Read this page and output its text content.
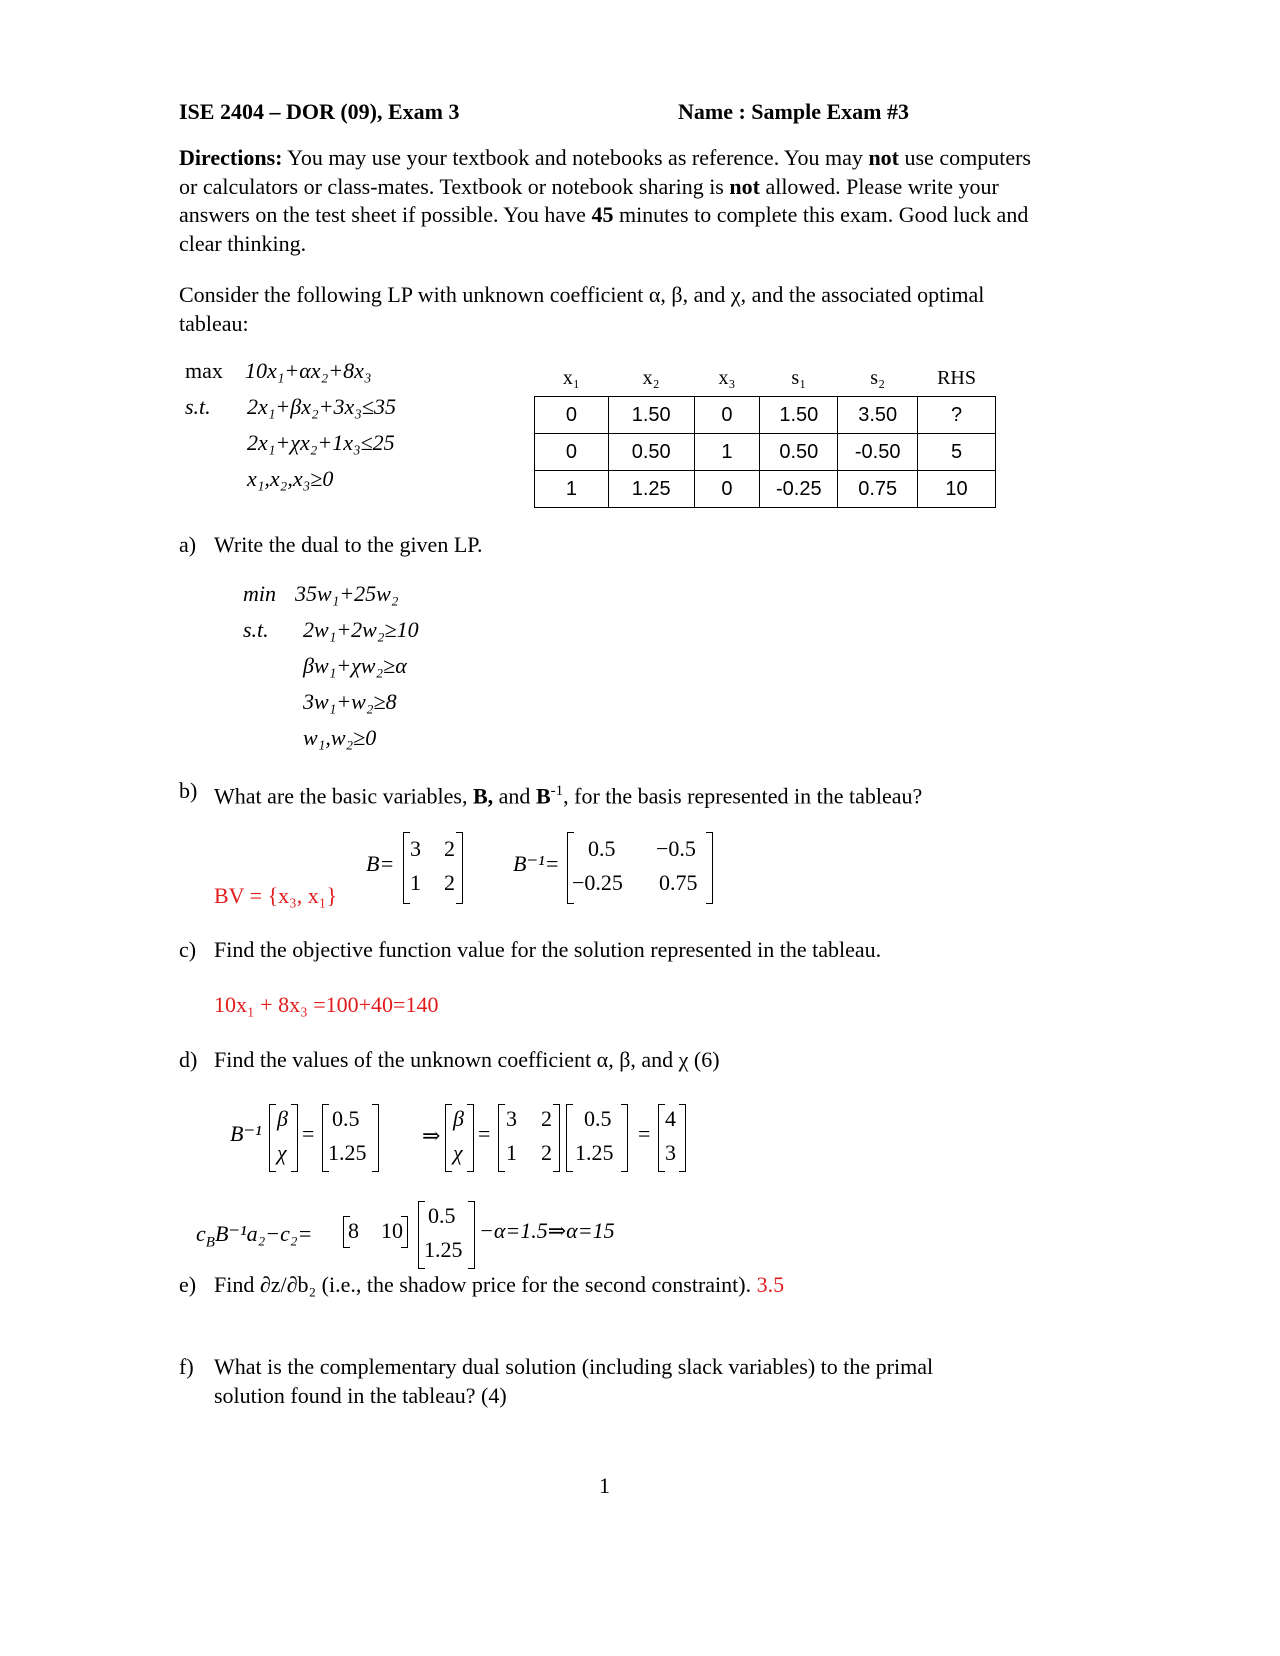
ISE 2404 – DOR (09), Exam 3	Name : Sample Exam #3
Directions: You may use your textbook and notebooks as reference. You may not use computers or calculators or class-mates. Textbook or notebook sharing is not allowed. Please write your answers on the test sheet if possible. You have 45 minutes to complete this exam. Good luck and clear thinking.
Consider the following LP with unknown coefficient α, β, and χ, and the associated optimal tableau:
max 10x₁+αx₂+8x₃
s.t. 2x₁+βx₂+3x₃≤35
2x₁+χx₂+1x₃≤25
x₁,x₂,x₃≥0
x₁	x₂	x₃	s₁	s₂	RHS

0	1.50	0	1.50	3.50	?
0	0.50	1	0.50	-0.50	5
1	1.25	0	-0.25	0.75	10
a) Write the dual to the given LP.
min 35w₁+25w₂
s.t. 2w₁+2w₂≥10
βw₁+χw₂≥α
3w₁+w₂≥8
w₁,w₂≥0
b) What are the basic variables, B, and $B^{-1}$, for the basis represented in the tableau?
BV = {x₃, x₁}
B=
3 2
1 2
B⁻¹=
0.5 −0.5
−0.25 0.75
c) Find the objective function value for the solution represented in the tableau.
10x₁ + 8x₃ =100+40=140
d) Find the values of the unknown coefficient α, β, and χ (6)
B⁻¹
β
χ
=
0.5
1.25
⇒
β
χ
=
3 2
1 2
0.5
1.25
=
4
3
$c_BB^{-1}a_2-c_2= 8$ 10
0.5
1.25
−α=1.5⇒α=15
e) Find ∂z/∂b₂ (i.e., the shadow price for the second constraint). 3.5
f) What is the complementary dual solution (including slack variables) to the primal solution found in the tableau? (4)
1
